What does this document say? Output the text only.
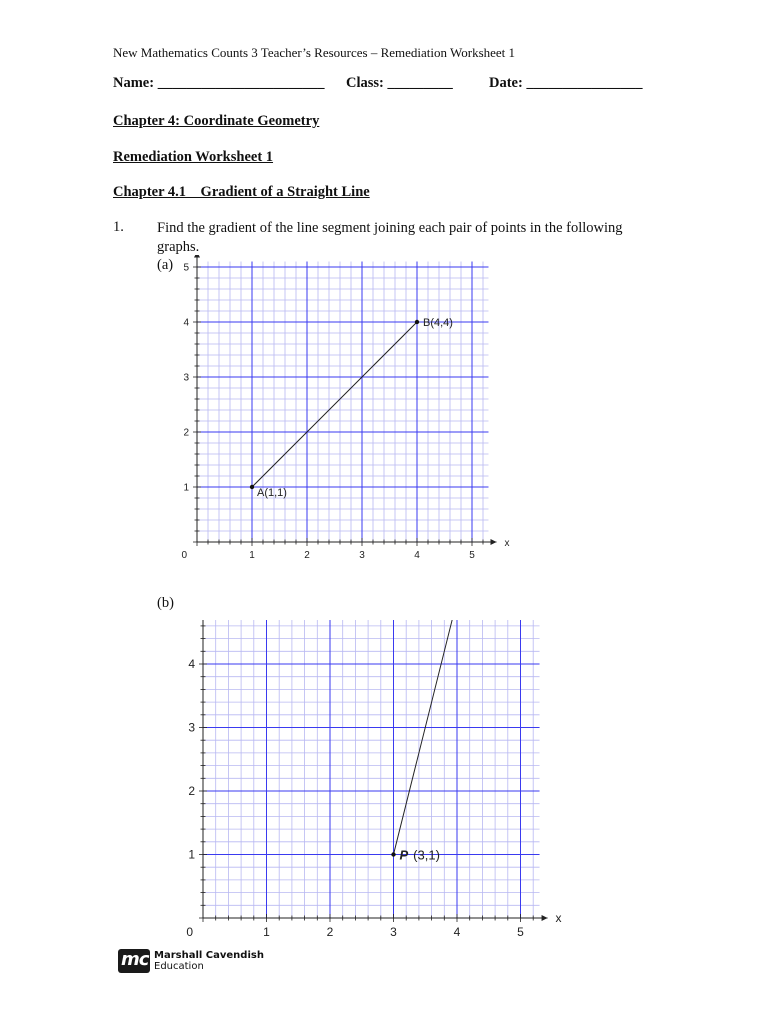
New Mathematics Counts 3 Teacher’s Resources – Remediation Worksheet 1
Name: _______________________ Class: _________	Date: ________________
Chapter 4: Coordinate Geometry
Remediation Worksheet 1
Chapter 4.1 Gradient of a Straight Line
1. Find the gradient of the line segment joining each pair of points in the following graphs.
(a)
(b)
1	2	3	4	5
1
2
3
4
5
0
x
A(1,1)
B(4,4)
1	2	3	4	5
1
2
3
4
0
x
P (3,1)
mc Marshall Cavendish
Education
